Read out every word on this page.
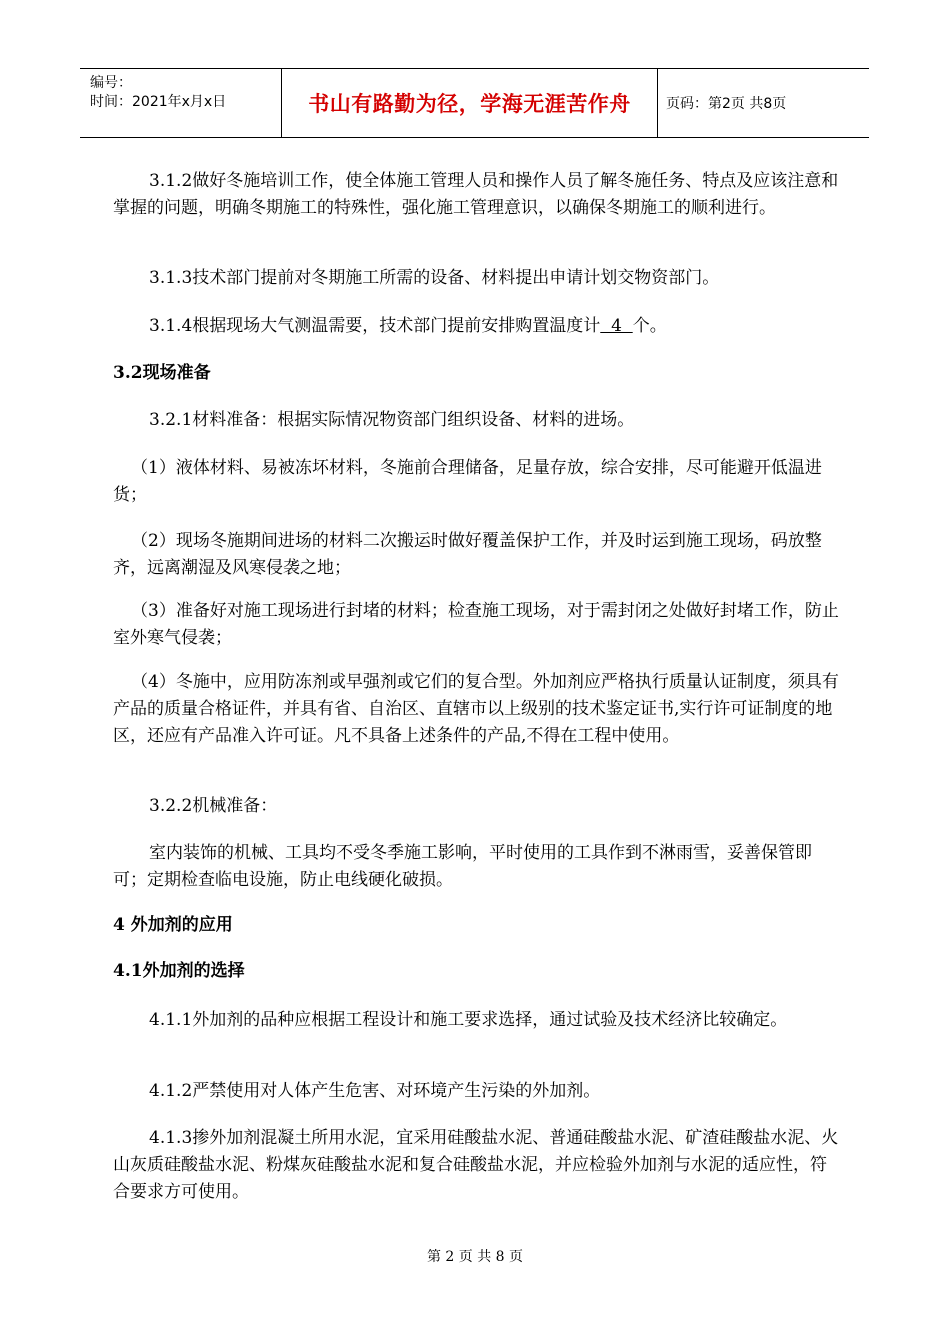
编号：
时间：2021年x月x日	书山有路勤为径，学海无涯苦作舟	页码：第2页 共8页

3.1.2做好冬施培训工作，使全体施工管理人员和操作人员了解冬施任务、特点及应该注意和掌握的问题，明确冬期施工的特殊性，强化施工管理意识，以确保冬期施工的顺利进行。

3.1.3技术部门提前对冬期施工所需的设备、材料提出申请计划交物资部门。

3.1.4根据现场大气测温需要，技术部门提前安排购置温度计  4  个。

3.2现场准备

3.2.1材料准备：根据实际情况物资部门组织设备、材料的进场。

（1）液体材料、易被冻坏材料，冬施前合理储备，足量存放，综合安排，尽可能避开低温进货；

（2）现场冬施期间进场的材料二次搬运时做好覆盖保护工作，并及时运到施工现场，码放整齐，远离潮湿及风寒侵袭之地；

（3）准备好对施工现场进行封堵的材料；检查施工现场，对于需封闭之处做好封堵工作，防止室外寒气侵袭；

（4）冬施中，应用防冻剂或早强剂或它们的复合型。外加剂应严格执行质量认证制度，须具有产品的质量合格证件，并具有省、自治区、直辖市以上级别的技术鉴定证书,实行许可证制度的地区，还应有产品准入许可证。凡不具备上述条件的产品,不得在工程中使用。

3.2.2机械准备：

室内装饰的机械、工具均不受冬季施工影响，平时使用的工具作到不淋雨雪，妥善保管即可；定期检查临电设施，防止电线硬化破损。

4 外加剂的应用

4.1外加剂的选择

4.1.1外加剂的品种应根据工程设计和施工要求选择，通过试验及技术经济比较确定。

4.1.2严禁使用对人体产生危害、对环境产生污染的外加剂。

4.1.3掺外加剂混凝土所用水泥，宜采用硅酸盐水泥、普通硅酸盐水泥、矿渣硅酸盐水泥、火山灰质硅酸盐水泥、粉煤灰硅酸盐水泥和复合硅酸盐水泥，并应检验外加剂与水泥的适应性，符合要求方可使用。

第 2 页 共 8 页
